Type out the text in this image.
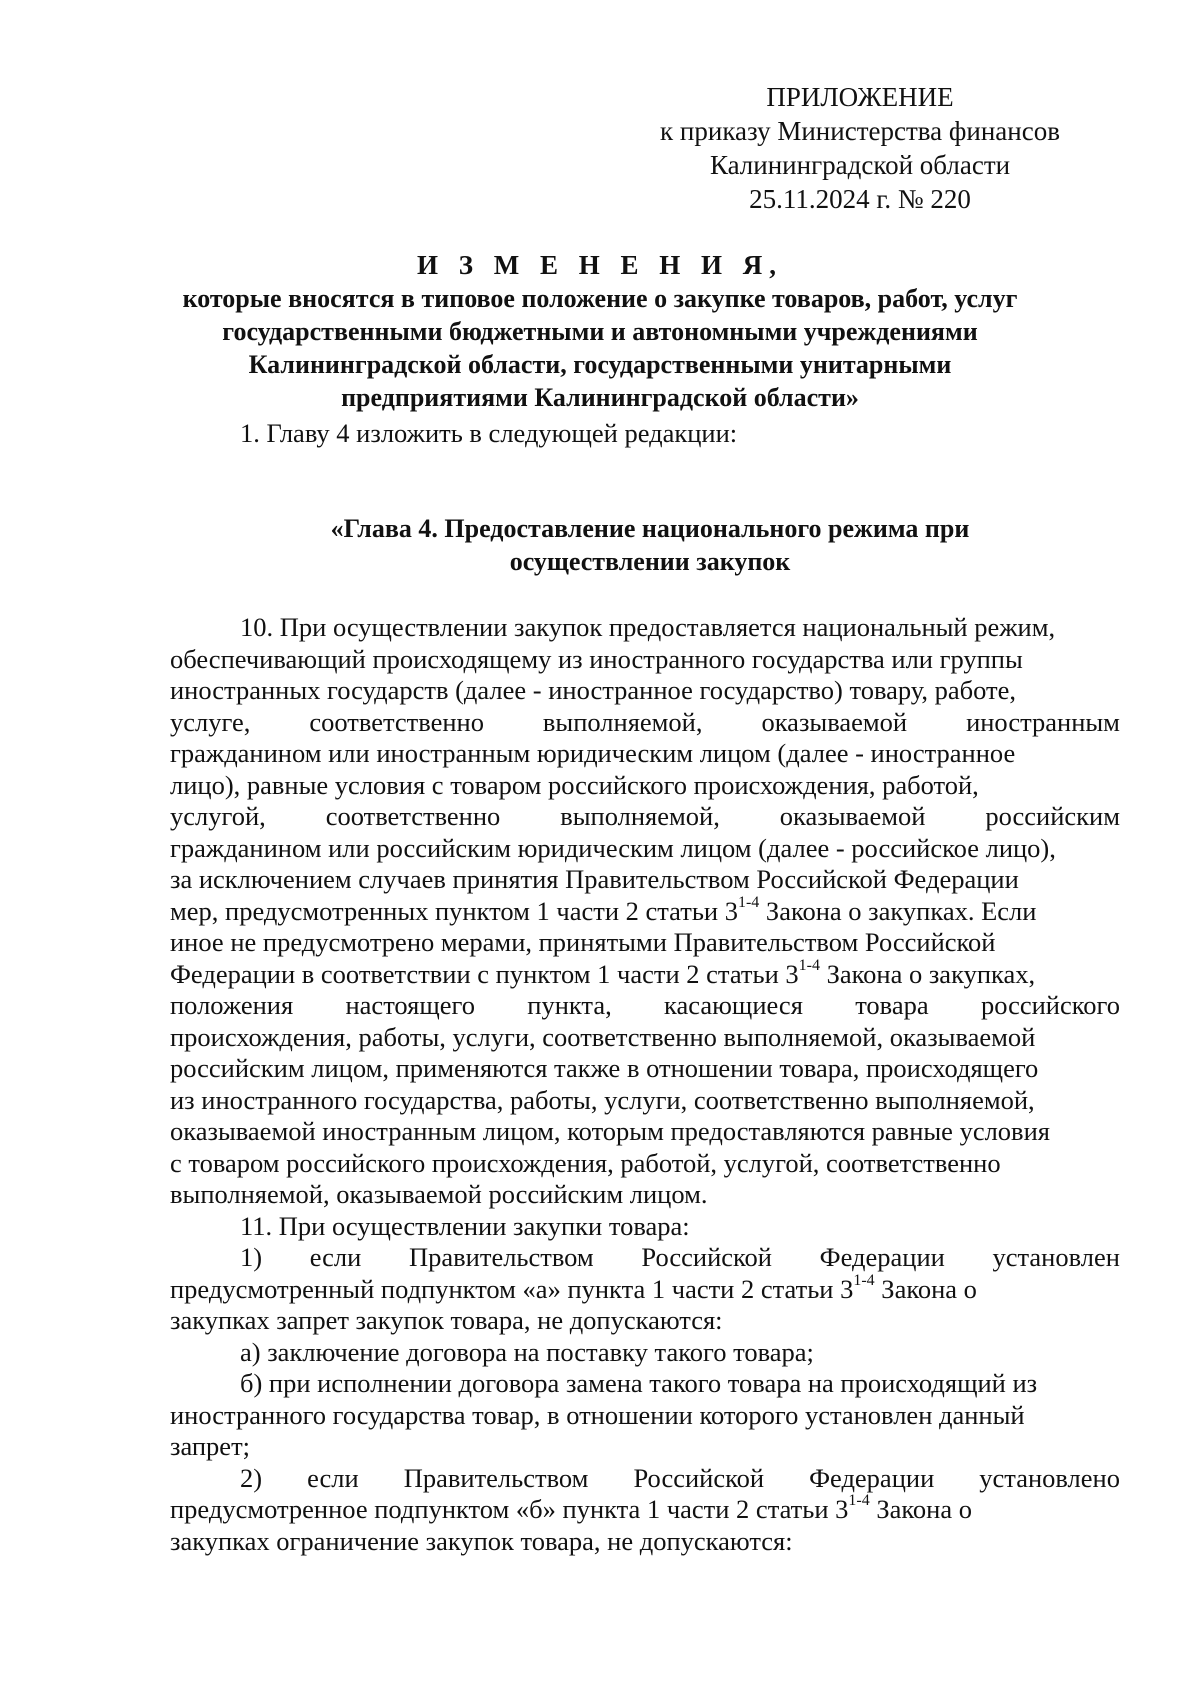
ПРИЛОЖЕНИЕ
к приказу Министерства финансов
Калининградской области
25.11.2024 г. № 220
И З М Е Н Е Н И Я,
которые вносятся в типовое положение о закупке товаров, работ, услуг
государственными бюджетными и автономными учреждениями
Калининградской области, государственными унитарными
предприятиями Калининградской области»

1. Главу 4 изложить в следующей редакции:

«Глава 4. Предоставление национального режима при
осуществлении закупок

10. При осуществлении закупок предоставляется национальный режим,

обеспечивающий происходящему из иностранного государства или группы

иностранных государств (далее - иностранное государство) товару, работе,

услуге, соответственно выполняемой, оказываемой иностранным

гражданином или иностранным юридическим лицом (далее - иностранное

лицо), равные условия с товаром российского происхождения, работой,

услугой, соответственно выполняемой, оказываемой российским

гражданином или российским юридическим лицом (далее - российское лицо),

за исключением случаев принятия Правительством Российской Федерации

мер, предусмотренных пунктом 1 части 2 статьи 3$^{1-4}$ Закона о закупках. Если

иное не предусмотрено мерами, принятыми Правительством Российской

Федерации в соответствии с пунктом 1 части 2 статьи 3$^{1-4}$ Закона о закупках,

положения настоящего пункта, касающиеся товара российского

происхождения, работы, услуги, соответственно выполняемой, оказываемой

российским лицом, применяются также в отношении товара, происходящего

из иностранного государства, работы, услуги, соответственно выполняемой,

оказываемой иностранным лицом, которым предоставляются равные условия

с товаром российского происхождения, работой, услугой, соответственно

выполняемой, оказываемой российским лицом.

11. При осуществлении закупки товара:

1) если Правительством Российской Федерации установлен

предусмотренный подпунктом «а» пункта 1 части 2 статьи 3$^{1-4}$ Закона о

закупках запрет закупок товара, не допускаются:

а) заключение договора на поставку такого товара;

б) при исполнении договора замена такого товара на происходящий из

иностранного государства товар, в отношении которого установлен данный

запрет;

2) если Правительством Российской Федерации установлено

предусмотренное подпунктом «б» пункта 1 части 2 статьи 3$^{1-4}$ Закона о

закупках ограничение закупок товара, не допускаются:
